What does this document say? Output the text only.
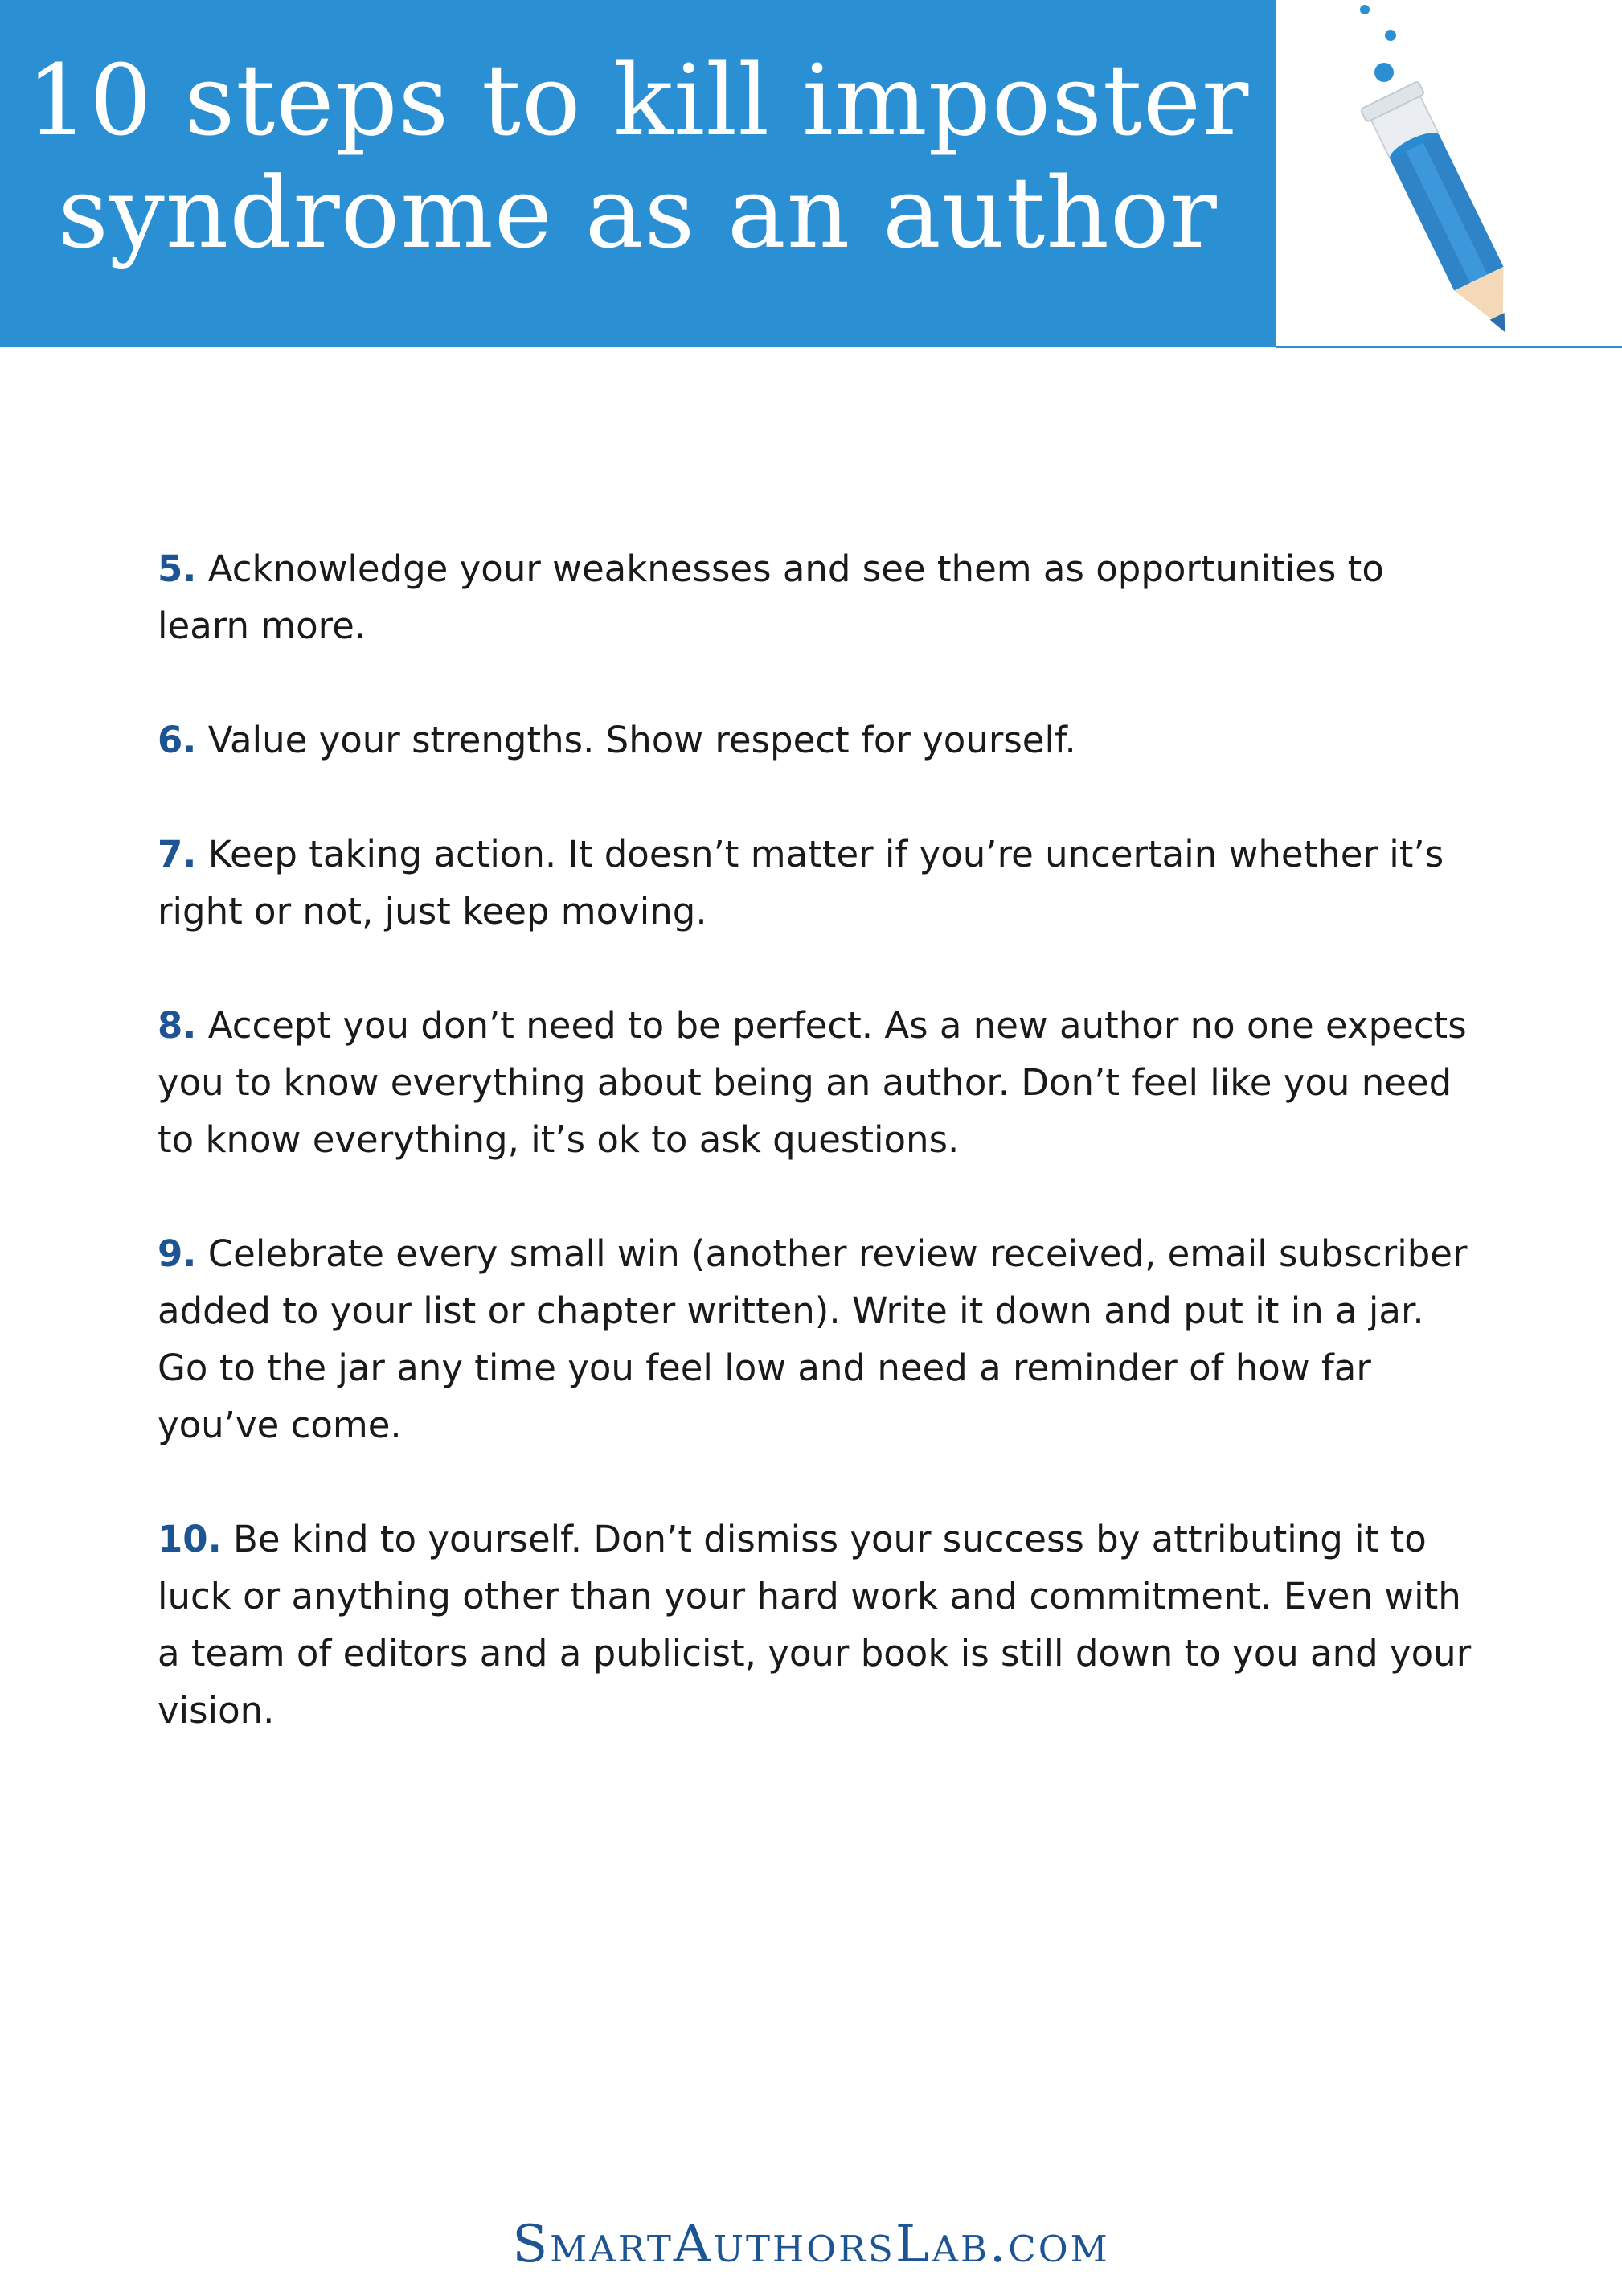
10 steps to kill imposter
syndrome as an author
5. Acknowledge your weaknesses and see them as opportunities to learn more.
6. Value your strengths. Show respect for yourself.
7. Keep taking action. It doesn’t matter if you’re uncertain whether it’s right or not, just keep moving.
8. Accept you don’t need to be perfect. As a new author no one expects you to know everything about being an author. Don’t feel like you need to know everything, it’s ok to ask questions.
9. Celebrate every small win (another review received, email subscriber added to your list or chapter written). Write it down and put it in a jar. Go to the jar any time you feel low and need a reminder of how far you’ve come.
10. Be kind to yourself. Don’t dismiss your success by attributing it to luck or anything other than your hard work and commitment. Even with a team of editors and a publicist, your book is still down to you and your vision.
SmartAuthorsLab.com
